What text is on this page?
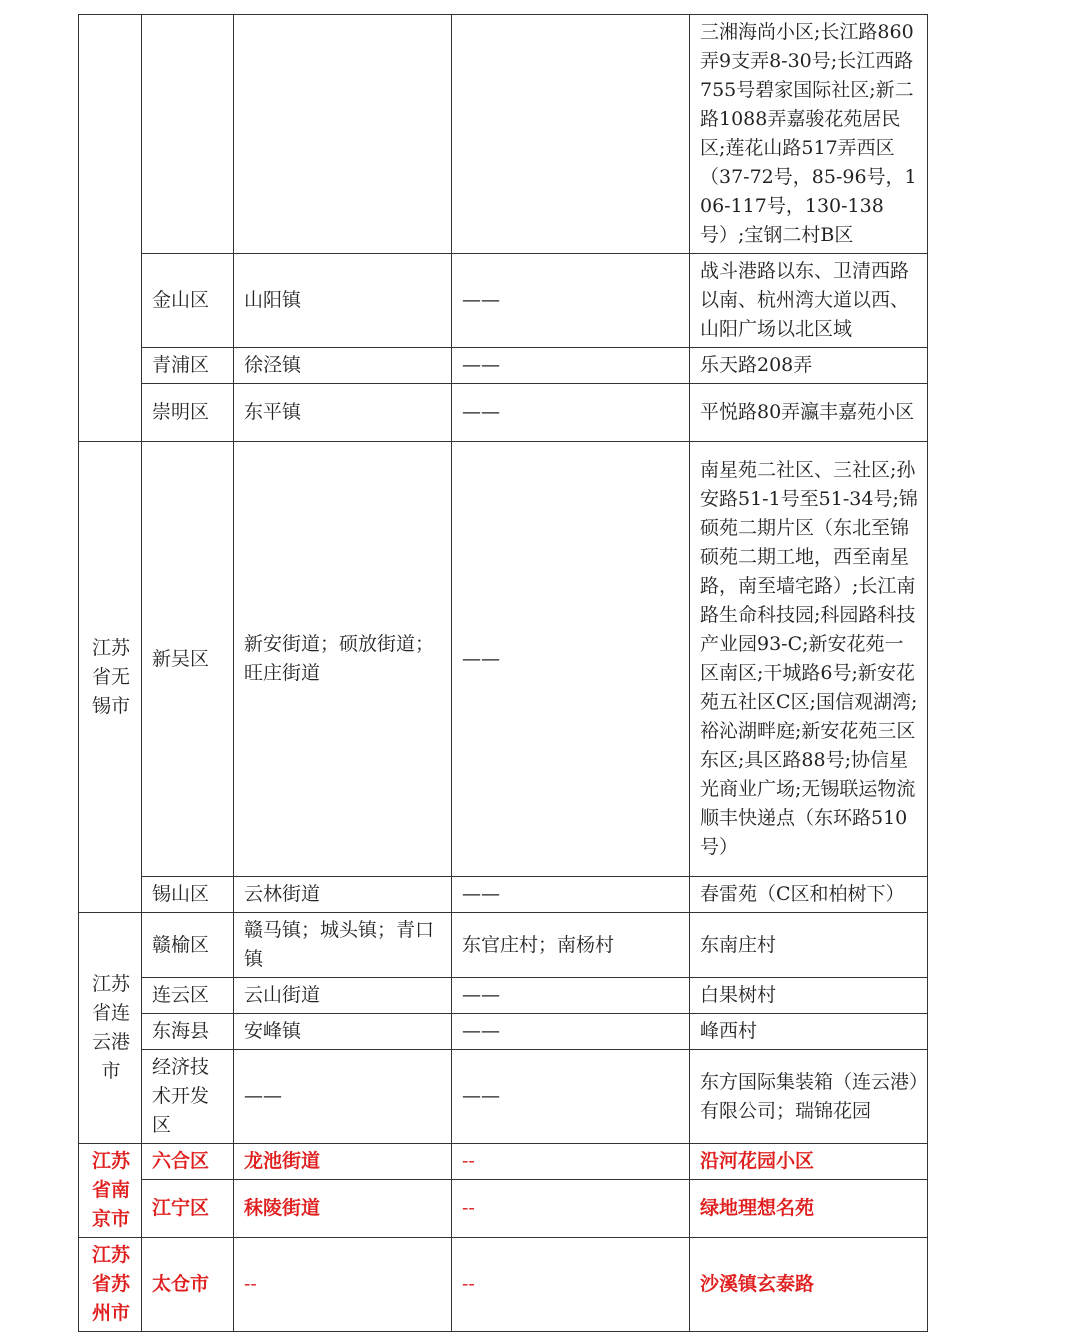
				三湘海尚小区;长江路860弄9支弄8-30号;长江西路755号碧家国际社区;新二路1088弄嘉骏花苑居民区;莲花山路517弄西区（37-72号，85-96号，106-117号，130-138号）;宝钢二村B区
	金山区	山阳镇	——	战斗港路以东、卫清西路以南、杭州湾大道以西、山阳广场以北区域
	青浦区	徐泾镇	——	乐天路208弄
	崇明区	东平镇	——	平悦路80弄瀛丰嘉苑小区
江苏省无锡市	新吴区	新安街道；硕放街道；旺庄街道	——	南星苑二社区、三社区;孙安路51-1号至51-34号;锦硕苑二期片区（东北至锦硕苑二期工地，西至南星路，南至墙宅路）;长江南路生命科技园;科园路科技产业园93-C;新安花苑一区南区;干城路6号;新安花苑五社区C区;国信观湖湾;裕沁湖畔庭;新安花苑三区东区;具区路88号;协信星光商业广场;无锡联运物流顺丰快递点（东环路510号）
	锡山区	云林街道	——	春雷苑（C区和柏树下）
江苏省连云港市	赣榆区	赣马镇；城头镇；青口镇	东官庄村；南杨村	东南庄村
	连云区	云山街道	——	白果树村
	东海县	安峰镇	——	峰西村
	经济技术开发区	——	——	东方国际集装箱（连云港）有限公司；瑞锦花园
江苏省南京市	六合区	龙池街道	--	沿河花园小区
	江宁区	秣陵街道	--	绿地理想名苑
江苏省苏州市	太仓市	--	--	沙溪镇玄泰路
